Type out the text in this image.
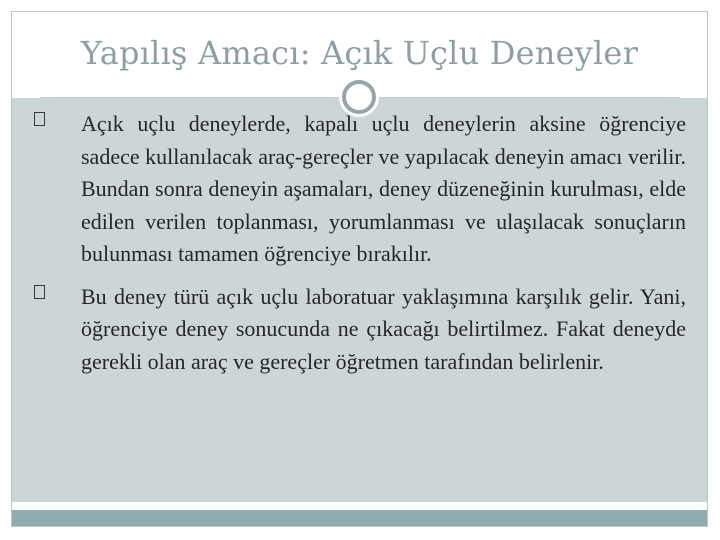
Yapılış Amacı: Açık Uçlu Deneyler

Açık uçlu deneylerde, kapalı uçlu deneylerin aksine öğrenciye sadece kullanılacak araç-gereçler ve yapılacak deneyin amacı verilir. Bundan sonra deneyin aşamaları, deney düzeneğinin kurulması, elde edilen verilen toplanması, yorumlanması ve ulaşılacak sonuçların bulunması tamamen öğrenciye bırakılır.

Bu deney türü açık uçlu laboratuar yaklaşımına karşılık gelir. Yani, öğrenciye deney sonucunda ne çıkacağı belirtilmez. Fakat deneyde gerekli olan araç ve gereçler öğretmen tarafından belirlenir.
